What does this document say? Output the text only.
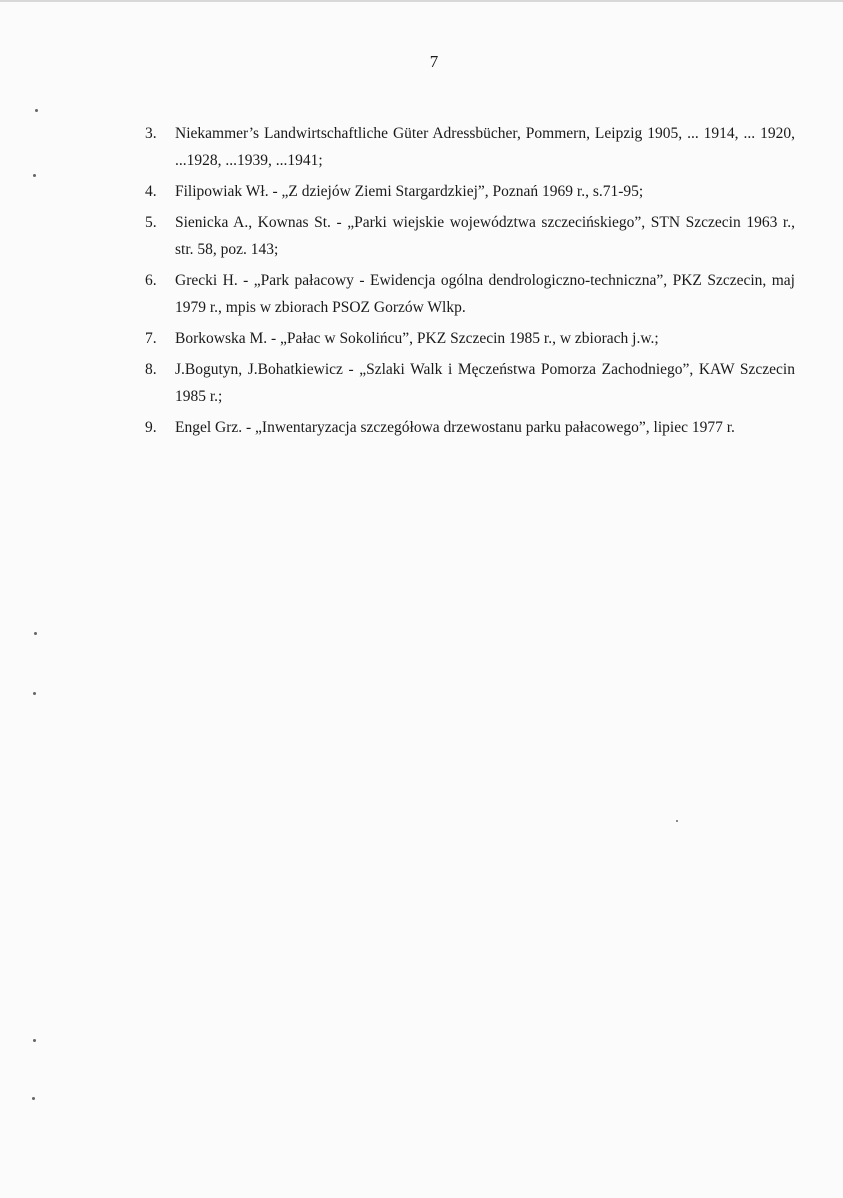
7
3.	Niekammer’s Landwirtschaftliche Güter Adressbücher, Pommern, Leipzig 1905, ... 1914, ... 1920, ...1928, ...1939, ...1941;
4.	Filipowiak Wł. - „Z dziejów Ziemi Stargardzkiej”, Poznań 1969 r., s.71-95;
5.	Sienicka A., Kownas St. - „Parki wiejskie województwa szczecińskiego”, STN Szczecin 1963 r., str. 58, poz. 143;
6.	Grecki H. - „Park pałacowy - Ewidencja ogólna dendrologiczno-techniczna”, PKZ Szczecin, maj 1979 r., mpis w zbiorach PSOZ Gorzów Wlkp.
7.	Borkowska M. - „Pałac w Sokolińcu”, PKZ Szczecin 1985 r., w zbiorach j.w.;
8.	J.Bogutyn, J.Bohatkiewicz - „Szlaki Walk i Męczeństwa Pomorza Zachodniego”, KAW Szczecin 1985 r.;
9.	Engel Grz. - „Inwentaryzacja szczegółowa drzewostanu parku pałacowego”, lipiec 1977 r.
